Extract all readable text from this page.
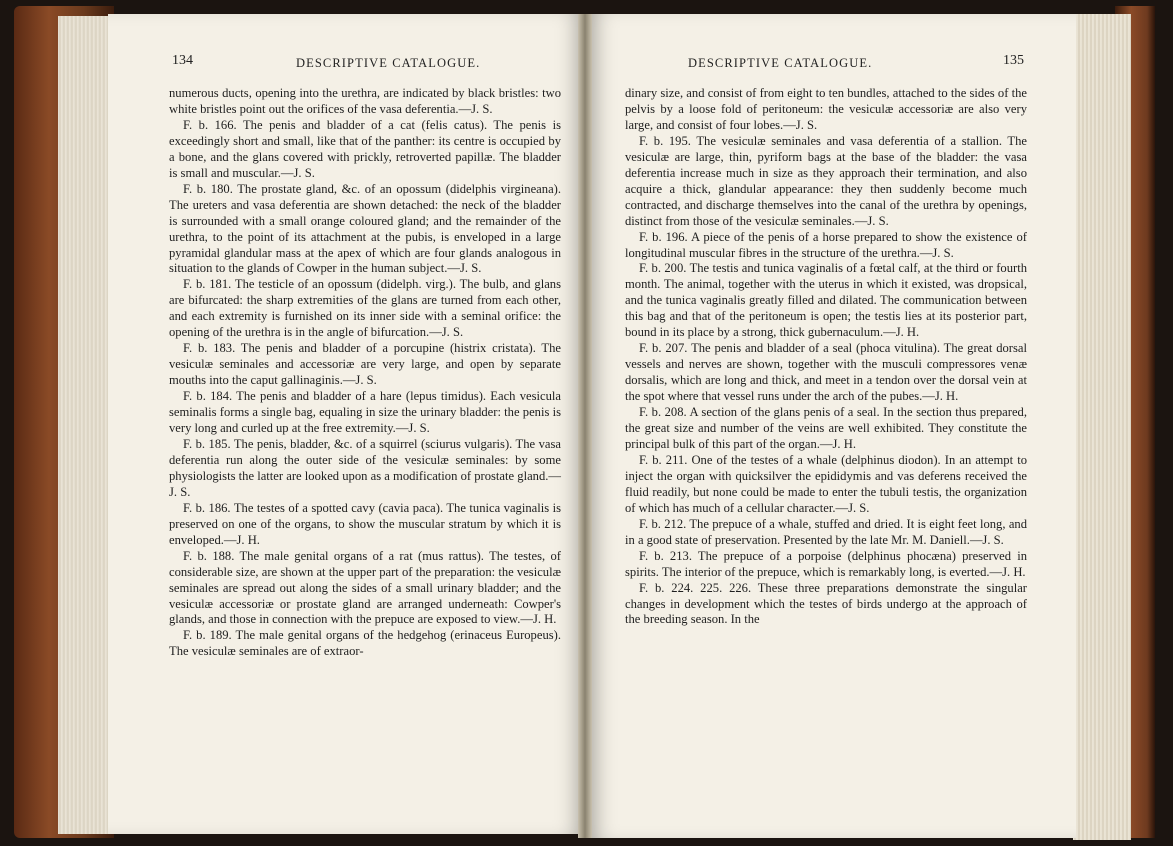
134	DESCRIPTIVE CATALOGUE.	135
DESCRIPTIVE CATALOGUE.

numerous ducts, opening into the urethra, are indicated by black bristles: two white bristles point out the orifices of the vasa deferentia.—J. S.

F. b. 166. The penis and bladder of a cat (felis catus). The penis is exceedingly short and small, like that of the panther: its centre is occupied by a bone, and the glans covered with prickly, retroverted papillæ. The bladder is small and muscular.—J. S.

F. b. 180. The prostate gland, &c. of an opossum (didelphis virgineana). The ureters and vasa deferentia are shown detached: the neck of the bladder is surrounded with a small orange coloured gland; and the remainder of the urethra, to the point of its attachment at the pubis, is enveloped in a large pyramidal glandular mass at the apex of which are four glands analogous in situation to the glands of Cowper in the human subject.—J. S.

F. b. 181. The testicle of an opossum (didelph. virg.). The bulb, and glans are bifurcated: the sharp extremities of the glans are turned from each other, and each extremity is furnished on its inner side with a seminal orifice: the opening of the urethra is in the angle of bifurcation.—J. S.

F. b. 183. The penis and bladder of a porcupine (histrix cristata). The vesiculæ seminales and accessoriæ are very large, and open by separate mouths into the caput gallinaginis.—J. S.

F. b. 184. The penis and bladder of a hare (lepus timidus). Each vesicula seminalis forms a single bag, equaling in size the urinary bladder: the penis is very long and curled up at the free extremity.—J. S.

F. b. 185. The penis, bladder, &c. of a squirrel (sciurus vulgaris). The vasa deferentia run along the outer side of the vesiculæ seminales: by some physiologists the latter are looked upon as a modification of prostate gland.—J. S.

F. b. 186. The testes of a spotted cavy (cavia paca). The tunica vaginalis is preserved on one of the organs, to show the muscular stratum by which it is enveloped.—J. H.

F. b. 188. The male genital organs of a rat (mus rattus). The testes, of considerable size, are shown at the upper part of the preparation: the vesiculæ seminales are spread out along the sides of a small urinary bladder; and the vesiculæ accessoriæ or prostate gland are arranged underneath: Cowper's glands, and those in connection with the prepuce are exposed to view.—J. H.

F. b. 189. The male genital organs of the hedgehog (erinaceus Europeus). The vesiculæ seminales are of extraor-

dinary size, and consist of from eight to ten bundles, attached to the sides of the pelvis by a loose fold of peritoneum: the vesiculæ accessoriæ are also very large, and consist of four lobes.—J. S.

F. b. 195. The vesiculæ seminales and vasa deferentia of a stallion. The vesiculæ are large, thin, pyriform bags at the base of the bladder: the vasa deferentia increase much in size as they approach their termination, and also acquire a thick, glandular appearance: they then suddenly become much contracted, and discharge themselves into the canal of the urethra by openings, distinct from those of the vesiculæ seminales.—J. S.

F. b. 196. A piece of the penis of a horse prepared to show the existence of longitudinal muscular fibres in the structure of the urethra.—J. S.

F. b. 200. The testis and tunica vaginalis of a fœtal calf, at the third or fourth month. The animal, together with the uterus in which it existed, was dropsical, and the tunica vaginalis greatly filled and dilated. The communication between this bag and that of the peritoneum is open; the testis lies at its posterior part, bound in its place by a strong, thick gubernaculum.—J. H.

F. b. 207. The penis and bladder of a seal (phoca vitulina). The great dorsal vessels and nerves are shown, together with the musculi compressores venæ dorsalis, which are long and thick, and meet in a tendon over the dorsal vein at the spot where that vessel runs under the arch of the pubes.—J. H.

F. b. 208. A section of the glans penis of a seal. In the section thus prepared, the great size and number of the veins are well exhibited. They constitute the principal bulk of this part of the organ.—J. H.

F. b. 211. One of the testes of a whale (delphinus diodon). In an attempt to inject the organ with quicksilver the epididymis and vas deferens received the fluid readily, but none could be made to enter the tubuli testis, the organization of which has much of a cellular character.—J. S.

F. b. 212. The prepuce of a whale, stuffed and dried. It is eight feet long, and in a good state of preservation. Presented by the late Mr. M. Daniell.—J. S.

F. b. 213. The prepuce of a porpoise (delphinus phocæna) preserved in spirits. The interior of the prepuce, which is remarkably long, is everted.—J. H.

F. b. 224. 225. 226. These three preparations demonstrate the singular changes in development which the testes of birds undergo at the approach of the breeding season. In the
